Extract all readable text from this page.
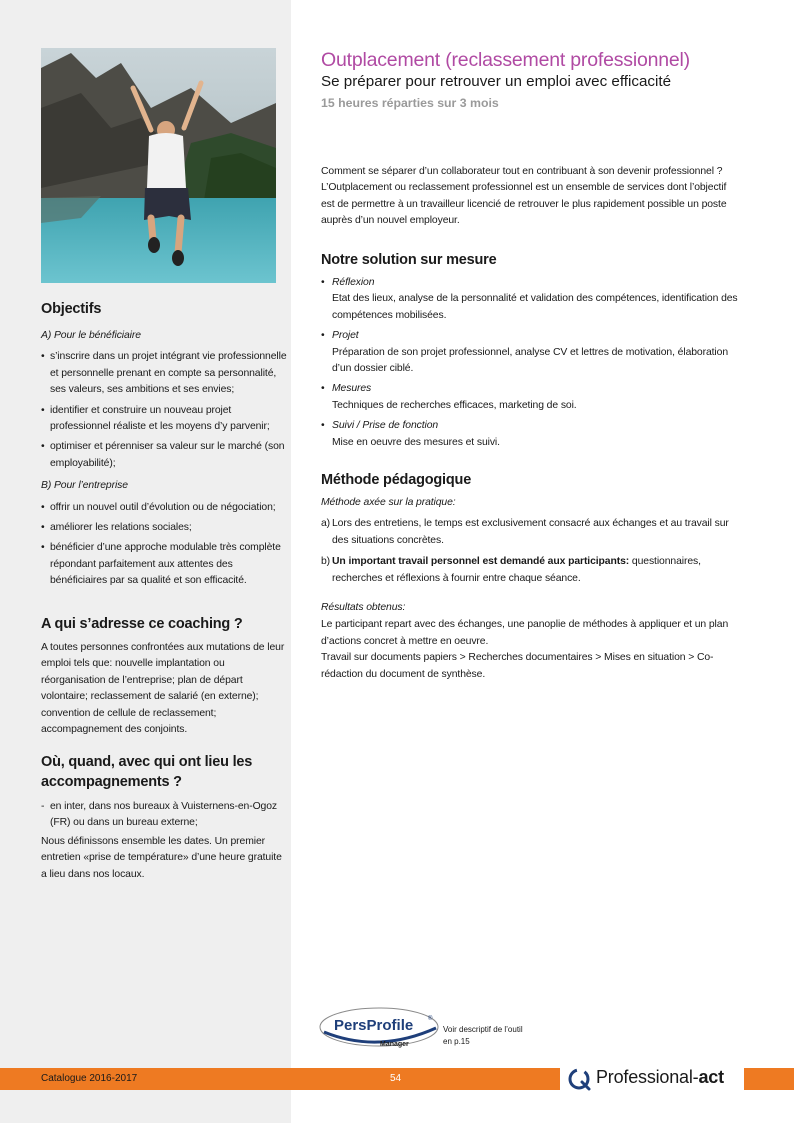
Objectifs
A) Pour le bénéficiaire
• s’inscrire dans un projet intégrant vie professionnelle et personnelle prenant en compte sa personnalité, ses valeurs, ses ambitions et ses envies;
• identifier et construire un nouveau projet professionnel réaliste et les moyens d’y parvenir;
• optimiser et pérenniser sa valeur sur le marché (son employabilité);
B) Pour l’entreprise
• offrir un nouvel outil d’évolution ou de négociation;
• améliorer les relations sociales;
• bénéficier d’une approche modulable très complète répondant parfaitement aux attentes des bénéficiaires par sa qualité et son efficacité.
A qui s’adresse ce coaching ?
A toutes personnes confrontées aux mutations de leur emploi tels que: nouvelle implantation ou réorganisation de l’entreprise; plan de départ volontaire; reclassement de salarié (en externe); convention de cellule de reclassement; accompagnement des conjoints.
Où, quand, avec qui ont lieu les accompagnements ?
- en inter, dans nos bureaux à Vuisternens-en-Ogoz (FR) ou dans un bureau externe;
Nous définissons ensemble les dates. Un premier entretien «prise de température» d’une heure gratuite a lieu dans nos locaux.
Outplacement (reclassement professionnel)
Se préparer pour retrouver un emploi avec efficacité
15 heures réparties sur 3 mois
Comment se séparer d’un collaborateur tout en contribuant à son devenir professionnel ? L’Outplacement ou reclassement professionnel est un ensemble de services dont l’objectif est de permettre à un travailleur licencié de retrouver le plus rapidement possible un poste auprès d’un nouvel employeur.
Notre solution sur mesure
• Réflexion
Etat des lieux, analyse de la personnalité et validation des compétences, identification des compétences mobilisées.
• Projet
Préparation de son projet professionnel, analyse CV et lettres de motivation, élaboration d’un dossier ciblé.
• Mesures
Techniques de recherches efficaces, marketing de soi.
• Suivi / Prise de fonction
Mise en oeuvre des mesures et suivi.
Méthode pédagogique
Méthode axée sur la pratique:
a) Lors des entretiens, le temps est exclusivement consacré aux échanges et au travail sur des situations concrètes.
b) Un important travail personnel est demandé aux participants: questionnaires, recherches et réflexions à fournir entre chaque séance.
Résultats obtenus:
Le participant repart avec des échanges, une panoplie de méthodes à appliquer et un plan d’actions concret à mettre en oeuvre.
Travail sur documents papiers > Recherches documentaires > Mises en situation > Co-rédaction du document de synthèse.
PersProfile ®
Manager
Voir descriptif de l’outil en p.15
Catalogue 2016-2017	54	Professional-act
